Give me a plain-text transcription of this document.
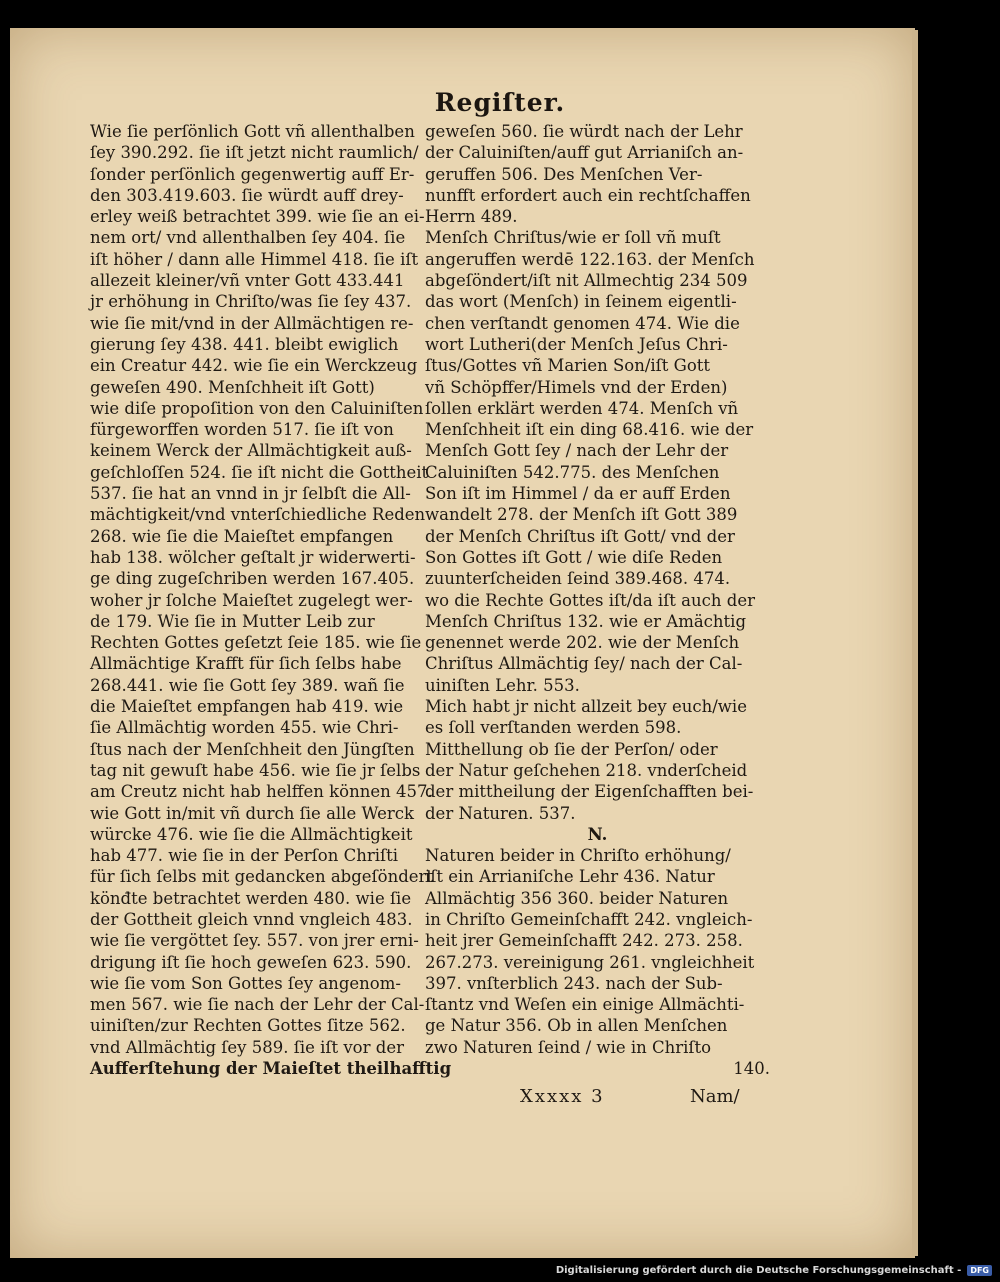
Regiſter.
Wie ſie perſönlich Gott vñ allenthalben
ſey 390.292. ſie iſt jetzt nicht raumlich/
ſonder perſönlich gegenwertig auff Er-
den 303.419.603. ſie würdt auff drey-
erley weiß betrachtet 399. wie ſie an ei-
nem ort/ vnd allenthalben ſey 404. ſie
iſt höher / dann alle Himmel 418. ſie iſt
allezeit kleiner/vñ vnter Gott 433.441
jr erhöhung in Chriſto/was ſie ſey 437.
wie ſie mit/vnd in der Allmächtigen re-
gierung ſey 438. 441. bleibt ewiglich
ein Creatur 442. wie ſie ein Werckzeug
geweſen 490. Menſchheit iſt Gott)
wie diſe propoſition von den Caluiniſten
fürgeworffen worden 517. ſie iſt von
keinem Werck der Allmächtigkeit auß-
geſchloſſen 524. ſie iſt nicht die Gottheit
537. ſie hat an vnnd in jr ſelbſt die All-
mächtigkeit/vnd vnterſchiedliche Reden
268. wie ſie die Maieſtet empfangen
hab 138. wölcher geſtalt jr widerwerti-
ge ding zugeſchriben werden 167.405.
woher jr ſolche Maieſtet zugelegt wer-
de 179. Wie ſie in Mutter Leib zur
Rechten Gottes geſetzt ſeie 185. wie ſie
Allmächtige Krafft für ſich ſelbs habe
268.441. wie ſie Gott ſey 389. wañ ſie
die Maieſtet empfangen hab 419. wie
ſie Allmächtig worden 455. wie Chri-
ſtus nach der Menſchheit den Jüngſten
tag nit gewuſt habe 456. wie ſie jr ſelbs
am Creutz nicht hab helffen können 457.
wie Gott in/mit vñ durch ſie alle Werck
würcke 476. wie ſie die Allmächtigkeit
hab 477. wie ſie in der Perſon Chriſti
für ſich ſelbs mit gedancken abgeſöndert
könđte betrachtet werden 480. wie ſie
der Gottheit gleich vnnd vngleich 483.
wie ſie vergöttet ſey. 557. von jrer erni-
drigung iſt ſie hoch geweſen 623. 590.
wie ſie vom Son Gottes ſey angenom-
men 567. wie ſie nach der Lehr der Cal-
uiniſten/zur Rechten Gottes ſitze 562.
vnd Allmächtig ſey 589. ſie iſt vor der
Aufferſtehung der Maieſtet theilhafftig
geweſen 560. ſie würdt nach der Lehr
der Caluiniſten/auff gut Arrianiſch an-
geruffen 506. Des Menſchen Ver-
nunfft erfordert auch ein rechtſchaffen
Herrn 489.
Menſch Chriſtus/wie er ſoll vñ muſt
angeruffen werdē 122.163. der Menſch
abgeſöndert/iſt nit Allmechtig 234 509
das wort (Menſch) in ſeinem eigentli-
chen verſtandt genomen 474. Wie die
wort Lutheri(der Menſch Jeſus Chri-
ſtus/Gottes vñ Marien Son/iſt Gott
vñ Schöpffer/Himels vnd der Erden)
ſollen erklärt werden 474. Menſch vñ
Menſchheit iſt ein ding 68.416. wie der
Menſch Gott ſey / nach der Lehr der
Caluiniſten 542.775. des Menſchen
Son iſt im Himmel / da er auff Erden
wandelt 278. der Menſch iſt Gott 389
der Menſch Chriſtus iſt Gott/ vnd der
Son Gottes iſt Gott / wie diſe Reden
zuunterſcheiden ſeind 389.468. 474.
wo die Rechte Gottes iſt/da iſt auch der
Menſch Chriſtus 132. wie er Amächtig
genennet werde 202. wie der Menſch
Chriſtus Allmächtig ſey/ nach der Cal-
uiniſten Lehr. 553.
Mich habt jr nicht allzeit bey euch/wie
es ſoll verſtanden werden 598.
Mitthellung ob ſie der Perſon/ oder
der Natur geſchehen 218. vnderſcheid
der mittheilung der Eigenſchafften bei-
der Naturen. 537.
N.
Naturen beider in Chriſto erhöhung/
iſt ein Arrianiſche Lehr 436. Natur
Allmächtig 356 360. beider Naturen
in Chriſto Gemeinſchafft 242. vngleich-
heit jrer Gemeinſchafft 242. 273. 258.
267.273. vereinigung 261. vngleichheit
397. vnſterblich 243. nach der Sub-
ſtantz vnd Weſen ein einige Allmächti-
ge Natur 356. Ob in allen Menſchen
zwo Naturen ſeind / wie in Chriſto
140.
Xxxxx 3	Nam/
Digitalisierung gefördert durch die Deutsche Forschungsgemeinschaft -	DFG
